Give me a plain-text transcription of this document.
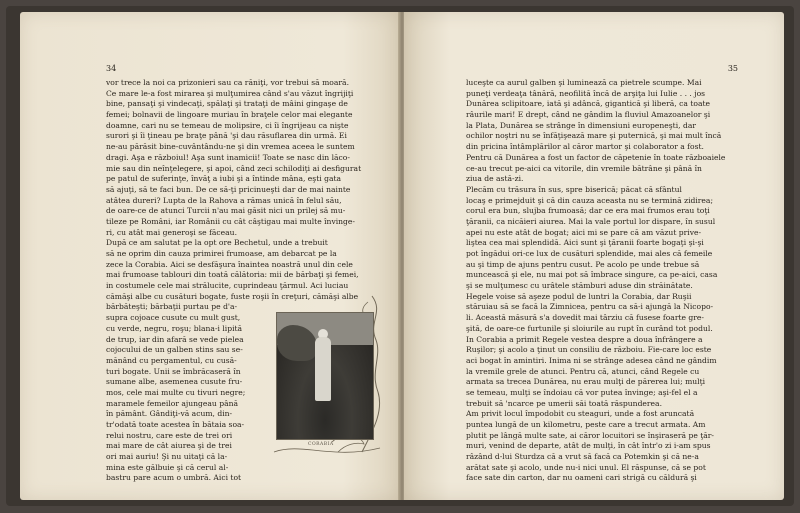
34
vor trece la noi ca prizonieri sau ca răniţi, vor trebui să moară.
Ce mare le-a fost mirarea şi mulţumirea când s'au văzut îngrijiţi
bine, pansaţi şi vindecaţi, spălaţi şi trataţi de mâini gingaşe de
femei; bolnavii de lingoare muriau în braţele celor mai elegante
doamne, cari nu se temeau de molipsire, ci îi îngrijeau ca nişte
surori şi îi ţineau pe braţe până 'şi dau răsuflarea din urmă. Ei
ne-au părăsit bine-cuvântându-ne şi din vremea aceea le suntem
dragi. Aşa e războiul! Aşa sunt inamicii! Toate se nasc din lăco-
mie sau din neînţelegere, şi apoi, când zeci schilodiţi ai desfigurat
pe patul de suferinţe, învăţ a iubi şi a întinde mâna, eşti gata
să ajuţi, să te faci bun. De ce să-ţi pricinueşti dar de mai nainte
atâtea dureri? Lupta de la Rahova a rămas unică în felul său,
de oare-ce de atunci Turcii n'au mai găsit nici un prilej să mu-
tileze pe Români, iar Românii cu cât câştigau mai multe învinge-
ri, cu atât mai generoşi se făceau.
După ce am salutat pe la opt ore Bechetul, unde a trebuit
să ne oprim din cauza primirei frumoase, am debarcat pe la
zece la Corabia. Aici se desfăşura înaintea noastră unul din cele
mai frumoase tablouri din toată călătoria: mii de bărbaţi şi femei,
in costumele cele mai strălucite, cuprindeau ţărmul. Aci luciau
cămăşi albe cu cusături bogate, fuste roşii în creţuri, cămăşi albe
bărbăteşti; bărbaţii purtau pe d'a-
supra cojoace cusute cu mult gust,
cu verde, negru, roşu; blana-i lipită
de trup, iar din afară se vede pielea
cojocului de un galben stins sau se-
mănând cu pergamentul, cu cusă-
turi bogate. Unii se îmbrăcaseră în
sumane albe, asemenea cusute fru-
mos, cele mai multe cu tivuri negre;
maramele femeilor ajungeau până
în pământ. Gândiţi-vă acum, din-
tr'odată toate acestea în bătaia soa-
relui nostru, care este de trei ori
mai mare de cât aiurea şi de trei
ori mai auriu! Şi nu uitaţi că la-
mina este gălbuie şi că cerul al-
bastru pare acum o umbră. Aici tot
CORABIA
35
luceşte ca aurul galben şi luminează ca pietrele scumpe. Mai
puneţi verdeaţa tânără, neofilită încă de arşiţa lui Iulie . . . jos
Dunărea sclipitoare, iată şi adâncă, gigantică şi liberă, ca toate
râurile mari! E drept, când ne gândim la fluviul Amazoanelor şi
la Plata, Dunărea se strânge în dimensiuni europeneşti, dar
ochilor noştri nu se înfăţişează mare şi puternică, şi mai mult încă
din pricina întâmplărilor al căror martor şi colaborator a fost.
Pentru că Dunărea a fost un factor de căpetenie în toate războaiele
ce-au trecut pe-aici ca vitorile, din vremile bătrâne şi până în
ziua de astă-zi.
Plecăm cu trăsura în sus, spre biserică; păcat că sfântul
locaş e primejduit şi că din cauza aceasta nu se termină zidirea;
corul era bun, slujba frumoasă; dar ce era mai frumos erau toţi
ţăranii, ca nicăieri aiurea. Mai la vale portul lor dispare, în susul
apei nu este atât de bogat; aici mi se pare că am văzut prive-
liştea cea mai splendidă. Aici sunt şi ţăranii foarte bogaţi şi-şi
pot îngădui ori-ce lux de cusături splendide, mai ales că femeile
au şi timp de ajuns pentru cusut. Pe acolo pe unde trebue să
muncească şi ele, nu mai pot să îmbrace singure, ca pe-aici, casa
şi se mulţumesc cu urâtele stămburi aduse din străinătate.
Hegele voise să aşeze podul de luntri la Corabia, dar Ruşii
stăruiau să se facă la Zimnicea, pentru ca să-i ajungă la Nicopo-
li. Această măsură s'a dovedit mai târziu că fusese foarte gre-
şită, de oare-ce furtunile şi sloiurile au rupt în curând tot podul.
In Corabia a primit Regele vestea despre a doua înfrângere a
Ruşilor; şi acolo a ţinut un consiliu de războiu. Fie-care loc este
aci bogat în amintiri. Inima ni se strânge adesea când ne gândim
la vremile grele de atunci. Pentru că, atunci, când Regele cu
armata sa trecea Dunărea, nu erau mulţi de părerea lui; mulţi
se temeau, mulţi se îndoiau că vor putea învinge; aşi-fel el a
trebuit să 'ncarce pe umerii săi toată răspunderea.
Am privit locul împodobit cu steaguri, unde a fost aruncată
puntea lungă de un kilometru, peste care a trecut armata. Am
plutit pe lângă multe sate, ai căror locuitori se înşiraseră pe ţăr-
muri, venind de departe, atât de mulţi, în cât într'o zi i-am spus
râzând d-lui Sturdza că a vrut să facă ca Potemkin şi că ne-a
arătat sate şi acolo, unde nu-i nici unul. El răspunse, că se pot
face sate din carton, dar nu oameni cari strigă cu căldură şi
